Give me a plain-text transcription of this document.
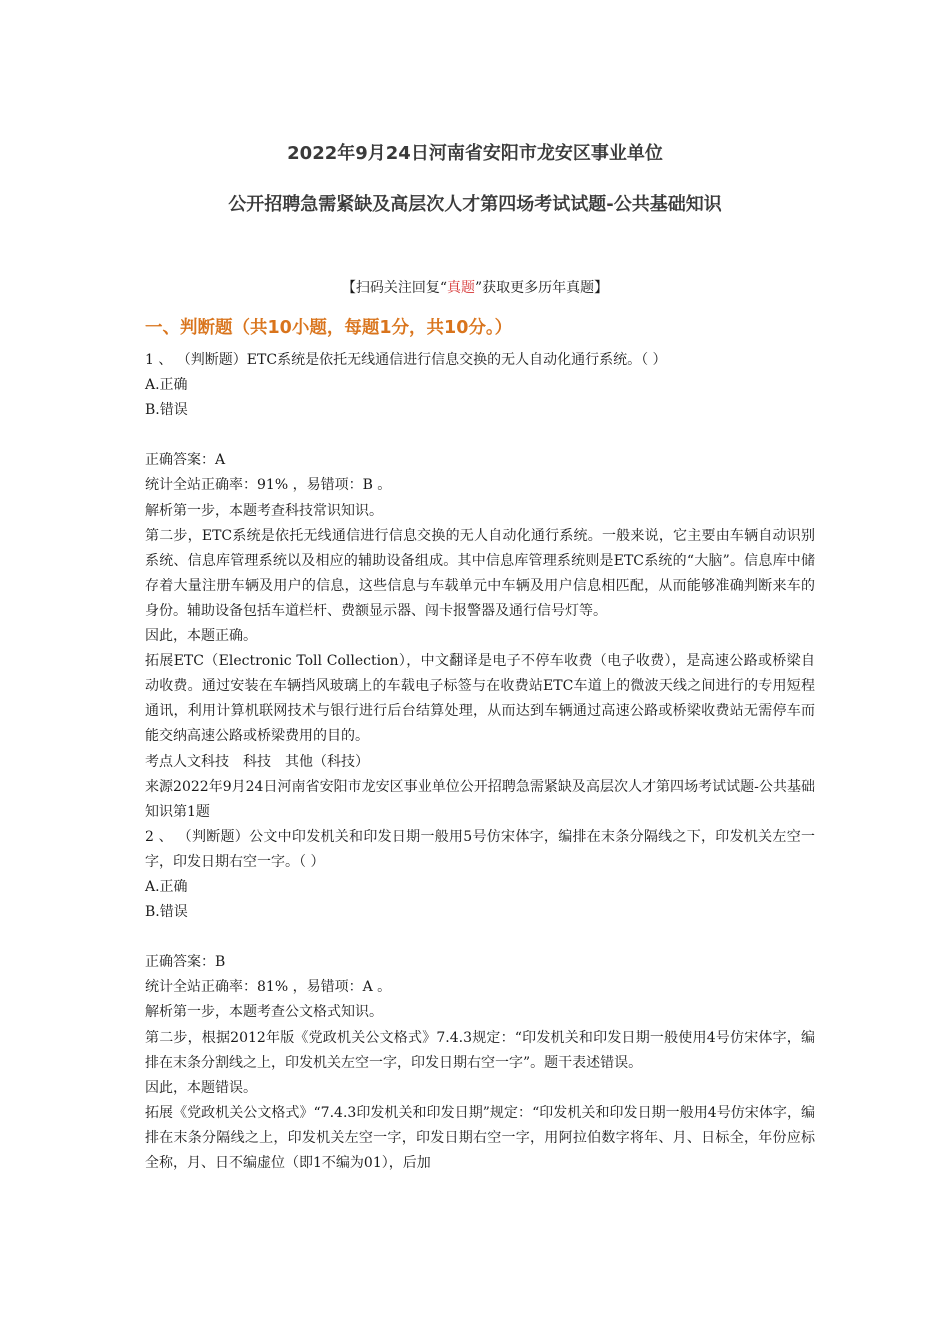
2022年9月24日河南省安阳市龙安区事业单位
公开招聘急需紧缺及高层次人才第四场考试试题-公共基础知识
【扫码关注回复“真题”获取更多历年真题】
一、判断题（共10小题，每题1分，共10分。）

1 、 （判断题）ETC系统是依托无线通信进行信息交换的无人自动化通行系统。（ ）

A.正确

B.错误

正确答案：A

统计全站正确率：91% ，易错项：B 。

解析第一步，本题考查科技常识知识。

第二步，ETC系统是依托无线通信进行信息交换的无人自动化通行系统。一般来说，它主要由车辆自动识别系统、信息库管理系统以及相应的辅助设备组成。其中信息库管理系统则是ETC系统的“大脑”。信息库中储存着大量注册车辆及用户的信息，这些信息与车载单元中车辆及用户信息相匹配，从而能够准确判断来车的身份。辅助设备包括车道栏杆、费额显示器、闯卡报警器及通行信号灯等。

因此，本题正确。

拓展ETC（Electronic Toll Collection），中文翻译是电子不停车收费（电子收费），是高速公路或桥梁自动收费。通过安装在车辆挡风玻璃上的车载电子标签与在收费站ETC车道上的微波天线之间进行的专用短程通讯，利用计算机联网技术与银行进行后台结算处理，从而达到车辆通过高速公路或桥梁收费站无需停车而能交纳高速公路或桥梁费用的目的。

考点人文科技　科技　其他（科技）

来源2022年9月24日河南省安阳市龙安区事业单位公开招聘急需紧缺及高层次人才第四场考试试题-公共基础知识第1题

2 、 （判断题）公文中印发机关和印发日期一般用5号仿宋体字，编排在末条分隔线之下，印发机关左空一字，印发日期右空一字。（ ）

A.正确

B.错误

正确答案：B

统计全站正确率：81% ，易错项：A 。

解析第一步，本题考查公文格式知识。

第二步，根据2012年版《党政机关公文格式》7.4.3规定：“印发机关和印发日期一般使用4号仿宋体字，编排在末条分割线之上，印发机关左空一字，印发日期右空一字”。题干表述错误。

因此，本题错误。

拓展《党政机关公文格式》“7.4.3印发机关和印发日期”规定：“印发机关和印发日期一般用4号仿宋体字，编排在末条分隔线之上，印发机关左空一字，印发日期右空一字，用阿拉伯数字将年、月、日标全，年份应标全称，月、日不编虚位（即1不编为01），后加
